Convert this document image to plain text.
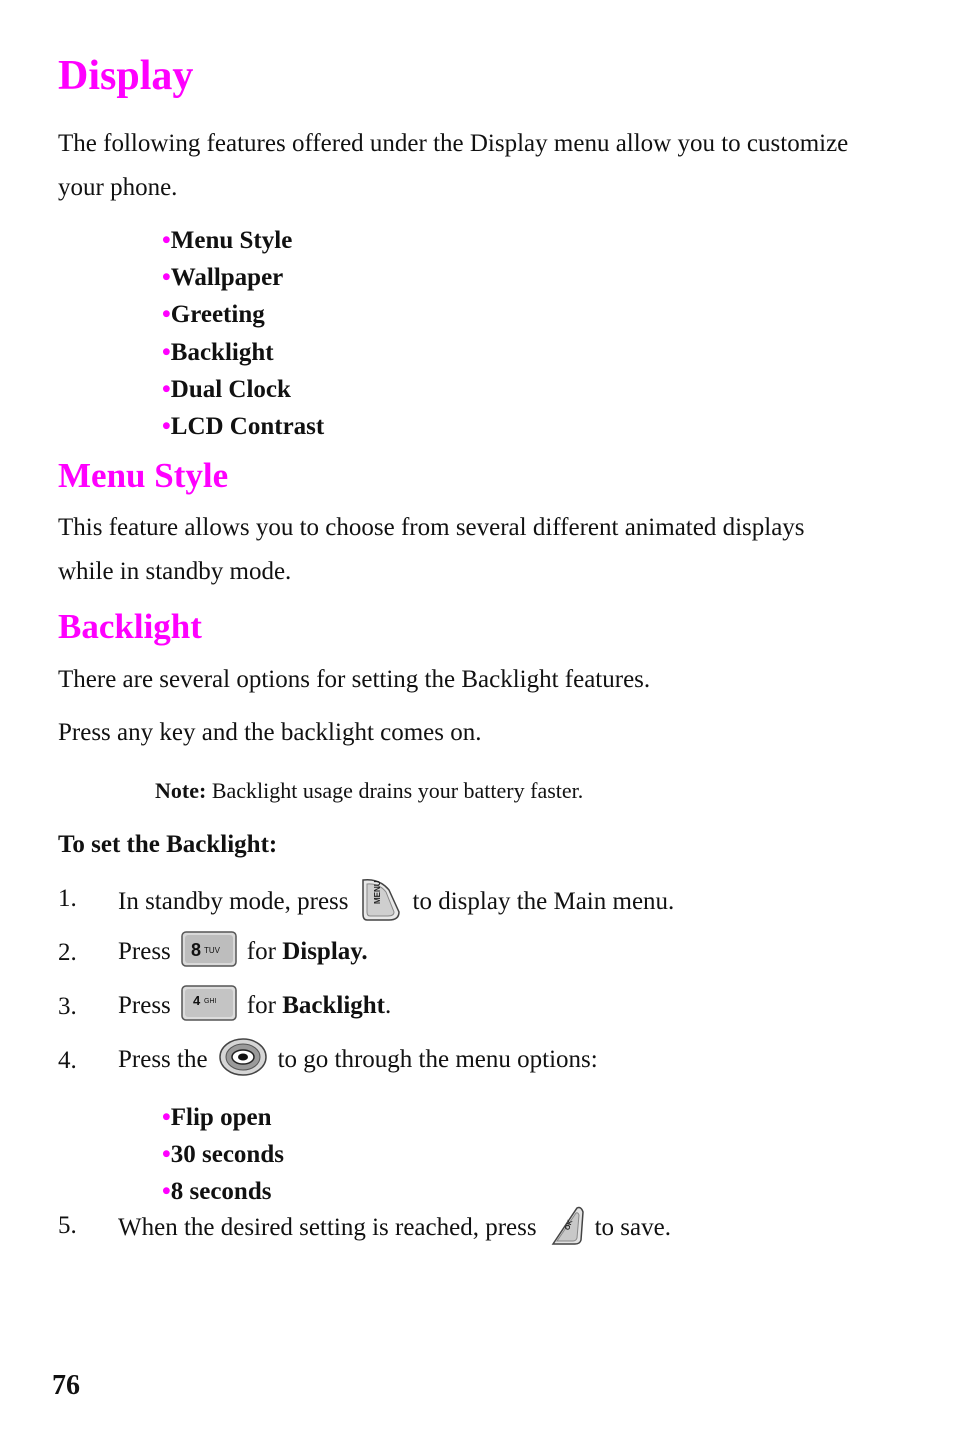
Display
The following features offered under the Display menu allow you to customize your phone.
•Menu Style
•Wallpaper
•Greeting
•Backlight
•Dual Clock
•LCD Contrast
Menu Style
This feature allows you to choose from several different animated displays while in standby mode.
Backlight
There are several options for setting the Backlight features.
Press any key and the backlight comes on.
Note: Backlight usage drains your battery faster.
To set the Backlight:
1. In standby mode, press	MENU to display the Main menu.
2. Press 8 TUV for
Display.
3. Press 4 GHI for
Backlight .
4. Press the	to go through the menu options:
•Flip open
•30 seconds
•8 seconds
5. When the desired setting is reached, press	OK to save.
76
